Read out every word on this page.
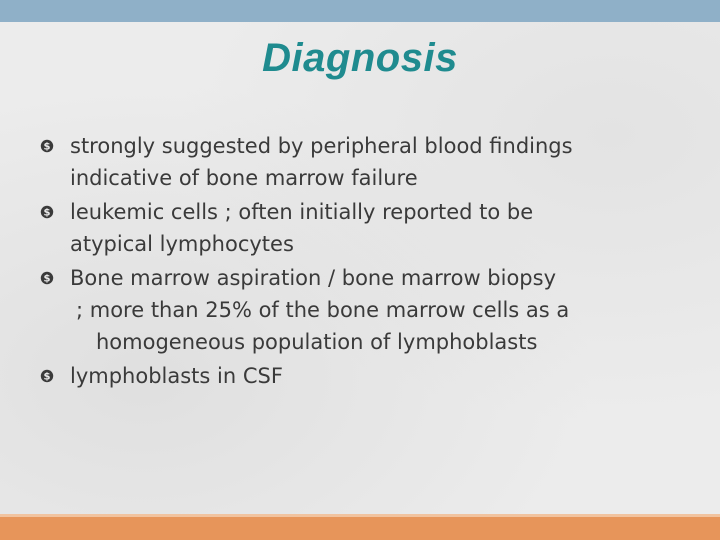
Diagnosis
$ strongly suggested by peripheral blood findings
indicative of bone marrow failure
$ leukemic cells ; often initially reported to be
atypical lymphocytes
$ Bone marrow aspiration / bone marrow biopsy
; more than 25% of the bone marrow cells as a
homogeneous population of lymphoblasts
$ lymphoblasts in CSF
